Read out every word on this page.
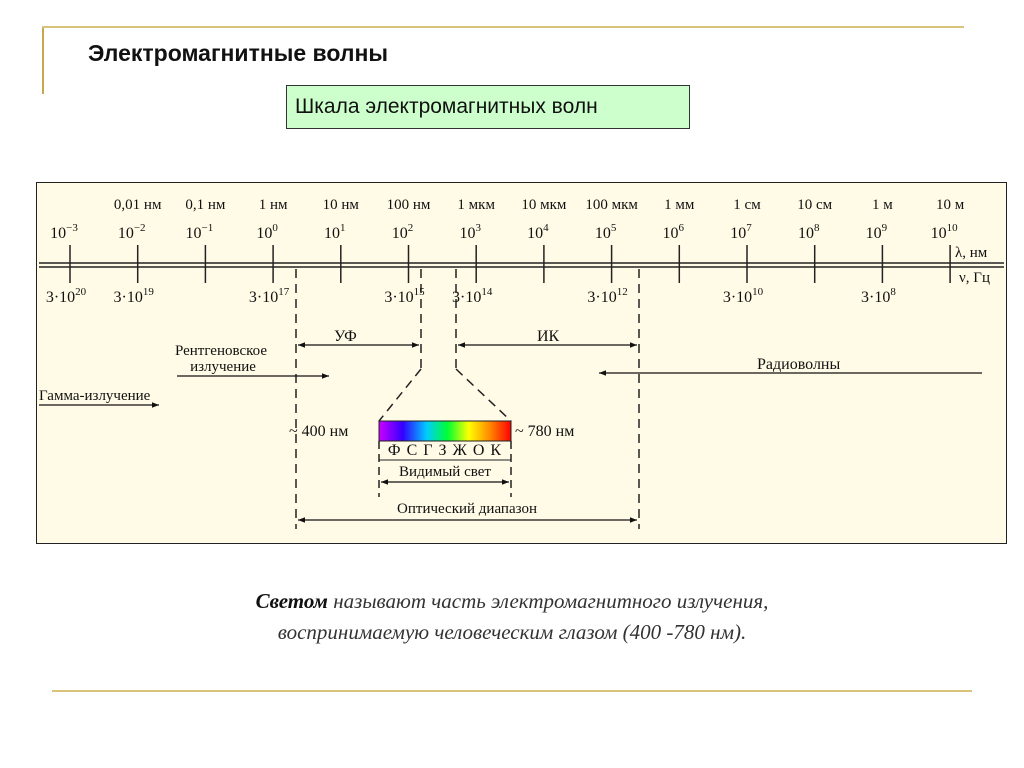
Электромагнитные волны
Шкала электромагнитных волн
0,01 нм 0,1 нм 1 нм 10 нм 100 нм 1 мкм 10 мкм 100 мкм 1 мм	1 см 10 см	1 м	10 м
$10^{-3}$ $10^{-2}$ $10^{-1}$	$10^0$	$10^1$	$10^2$	$10^3$	$10^4$	$10^5$	$10^6$	$10^7$	$10^8$	$10^9$	$10^{10}$
λ, нм
ν, Гц
$3\cdot 10^{20}$ $3\cdot 10^{19}$	$3\cdot 10^{17}$	$3\cdot 10^{15}$ $3\cdot 10^{14}$	$3\cdot 10^{12}$	$3\cdot 10^{10}$	$3\cdot 10^8$
УФ	ИК
Рентгеновское
излучение
Гамма-излучение
Радиоволны
~ 400 нм	~ 780 нм
Ф С Г З Ж О К
Видимый свет
Оптический диапазон
Светом называют часть электромагнитного излучения,
воспринимаемую человеческим глазом (400 -780 нм).
